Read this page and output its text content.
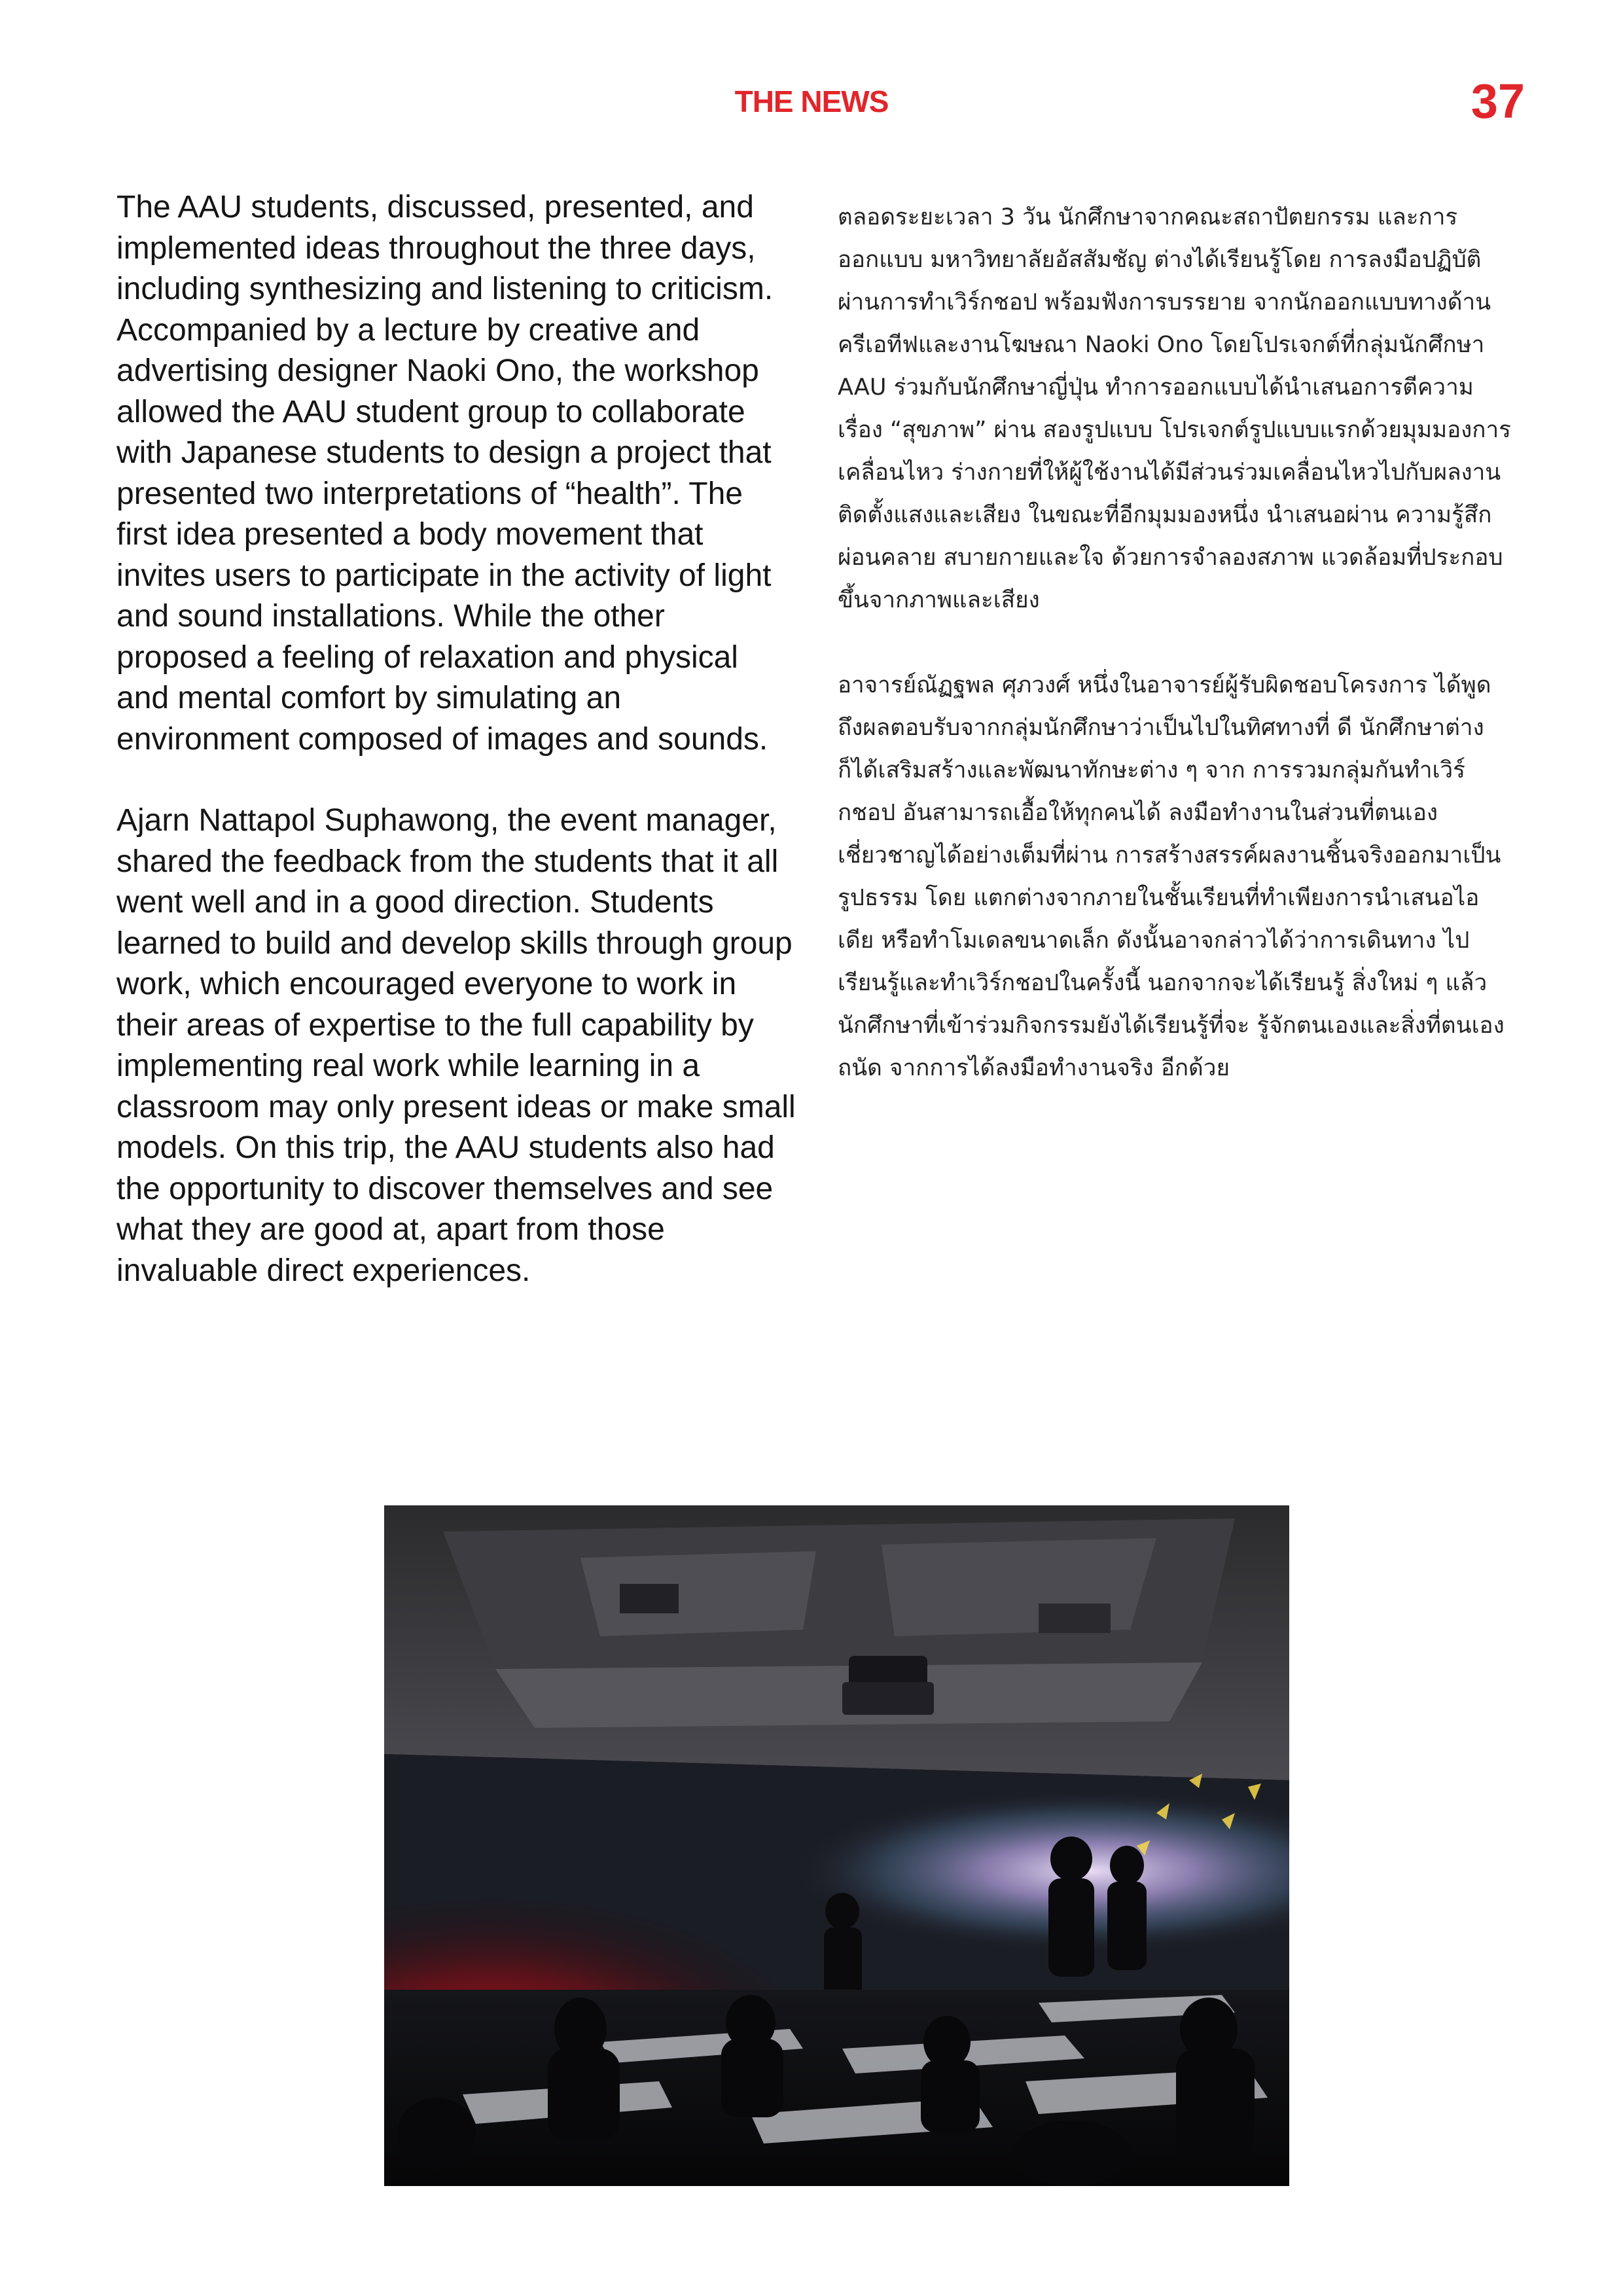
THE NEWS	37

The AAU students, discussed, presented, and implemented ideas throughout the three days, including synthesizing and listening to criticism. Accompanied by a lecture by creative and advertising designer Naoki Ono, the workshop allowed the AAU student group to collaborate with Japanese students to design a project that presented two interpretations of “health”. The first idea presented a body movement that invites users to participate in the activity of light and sound installations. While the other proposed a feeling of relaxation and physical and mental comfort by simulating an environment composed of images and sounds.

Ajarn Nattapol Suphawong, the event manager, shared the feedback from the students that it all went well and in a good direction. Students learned to build and develop skills through group work, which encouraged everyone to work in their areas of expertise to the full capability by implementing real work while learning in a classroom may only present ideas or make small models. On this trip, the AAU students also had the opportunity to discover themselves and see what they are good at, apart from those invaluable direct experiences.

ตลอดระยะเวลา 3 วัน นักศึกษาจากคณะสถาปัตยกรรม และการออกแบบ มหาวิทยาลัยอัสสัมชัญ ต่างได้เรียนรู้โดย การลงมือปฏิบัติผ่านการทำเวิร์กชอป พร้อมฟังการบรรยาย จากนักออกแบบทางด้านครีเอทีฟและงานโฆษณา Naoki Ono โดยโปรเจกต์ที่กลุ่มนักศึกษา AAU ร่วมกับนักศึกษาญี่ปุ่น ทำการออกแบบได้นำเสนอการตีความเรื่อง “สุขภาพ” ผ่าน สองรูปแบบ โปรเจกต์รูปแบบแรกด้วยมุมมองการเคลื่อนไหว ร่างกายที่ให้ผู้ใช้งานได้มีส่วนร่วมเคลื่อนไหวไปกับผลงาน ติดตั้งแสงและเสียง ในขณะที่อีกมุมมองหนึ่ง นำเสนอผ่าน ความรู้สึกผ่อนคลาย สบายกายและใจ ด้วยการจำลองสภาพ แวดล้อมที่ประกอบขึ้นจากภาพและเสียง

อาจารย์ณัฏฐพล ศุภวงศ์ หนึ่งในอาจารย์ผู้รับผิดชอบโครงการ ได้พูดถึงผลตอบรับจากกลุ่มนักศึกษาว่าเป็นไปในทิศทางที่ ดี นักศึกษาต่างก็ได้เสริมสร้างและพัฒนาทักษะต่าง ๆ จาก การรวมกลุ่มกันทำเวิร์กชอป อันสามารถเอื้อให้ทุกคนได้ ลงมือทำงานในส่วนที่ตนเองเชี่ยวชาญได้อย่างเต็มที่ผ่าน การสร้างสรรค์ผลงานชิ้นจริงออกมาเป็นรูปธรรม โดย แตกต่างจากภายในชั้นเรียนที่ทำเพียงการนำเสนอไอเดีย หรือทำโมเดลขนาดเล็ก ดังนั้นอาจกล่าวได้ว่าการเดินทาง ไปเรียนรู้และทำเวิร์กชอปในครั้งนี้ นอกจากจะได้เรียนรู้ สิ่งใหม่ ๆ แล้ว นักศึกษาที่เข้าร่วมกิจกรรมยังได้เรียนรู้ที่จะ รู้จักตนเองและสิ่งที่ตนเองถนัด จากการได้ลงมือทำงานจริง อีกด้วย
